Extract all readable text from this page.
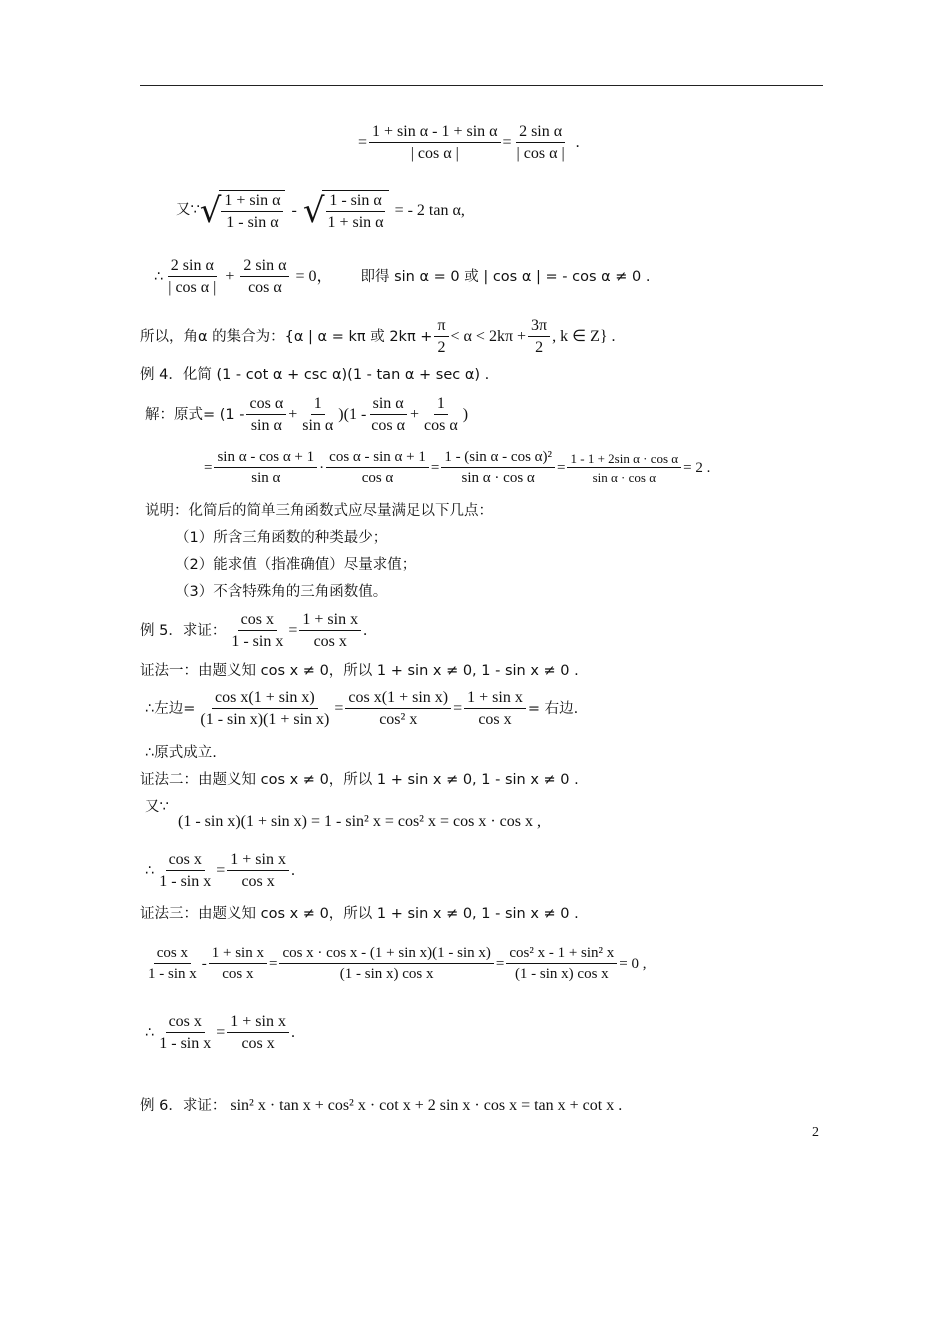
= $\frac{\text{1 + sin α - 1 + sin α}}{\text{| cos α |}} = \frac{\text{2 sin α}}{\text{| cos α |}}$ .
又∵ √ $\frac{\text{1 + sin α}}{\text{1 - sin α}}$ - √ $\frac{\text{1 - sin α}}{\text{1 + sin α}}$ = - 2 tan α ,
∴ $\frac{\text{2 sin α}}{\text{| cos α |}} + \frac{\text{2 sin α}}{\text{cos α}} = 0$， 即得 sin α = 0 或 | cos α | = - cos α ≠ 0 .
所以，角α 的集合为：{α | α = kπ 或 $2k\pi + \frac{\pi}{2} < \alpha < 2k\pi + \frac{3\pi}{2}$ , k ∈ Z} .
例 4．化简 (1 - cot α + csc α)(1 - tan α + sec α) .
解：原式= $(1 - \frac{\text{cos α}}{\text{sin α}} + \frac{1}{\text{sin α}} )(1 - \frac{\text{sin α}}{\text{cos α}} + \frac{1}{\text{cos α}}$ )
= $\frac{\text{sin α - cos α + 1}}{\text{sin α}} \cdot \frac{\text{cos α - sin α + 1}}{\text{cos α}} = \frac{\text{1 - (sin α - cos α)²}}{\text{sin α · cos α}} = \frac{\text{1 - 1 + 2sin α · cos α}}{\text{sin α · cos α}} = 2$ .
说明：化简后的简单三角函数式应尽量满足以下几点：
（1）所含三角函数的种类最少；
（2）能求值（指准确值）尽量求值；
（3）不含特殊角的三角函数值。
例 5．求证： $\frac{\text{cos x}}{\text{1 - sin x}} = \frac{\text{1 + sin x}}{\text{cos x}}$ .
证法一：由题义知 cos x ≠ 0，所以 1 + sin x ≠ 0, 1 - sin x ≠ 0 .
∴左边= $\frac{\text{cos x(1 + sin x)}}{\text{(1 - sin x)(1 + sin x)}} = \frac{\text{cos x(1 + sin x)}}{\text{cos² x}} = \frac{\text{1 + sin x}}{\text{cos x}}$ = 右边.
∴原式成立.
证法二：由题义知 cos x ≠ 0，所以 1 + sin x ≠ 0, 1 - sin x ≠ 0 .
又∵
(1 - sin x)(1 + sin x) = 1 - sin² x = cos² x = cos x · cos x ,
∴ $\frac{\text{cos x}}{\text{1 - sin x}} = \frac{\text{1 + sin x}}{\text{cos x}}$ .
证法三：由题义知 cos x ≠ 0，所以 1 + sin x ≠ 0, 1 - sin x ≠ 0 .
$\frac{\text{cos x}}{\text{1 - sin x}} - \frac{\text{1 + sin x}}{\text{cos x}} = \frac{\text{cos x · cos x - (1 + sin x)(1 - sin x)}}{\text{(1 - sin x) cos x}} = \frac{\text{cos² x - 1 + sin² x}}{\text{(1 - sin x) cos x}} = 0$ ,
∴ $\frac{\text{cos x}}{\text{1 - sin x}} = \frac{\text{1 + sin x}}{\text{cos x}}$ .
例 6．求证： sin² x · tan x + cos² x · cot x + 2 sin x · cos x = tan x + cot x .
2
